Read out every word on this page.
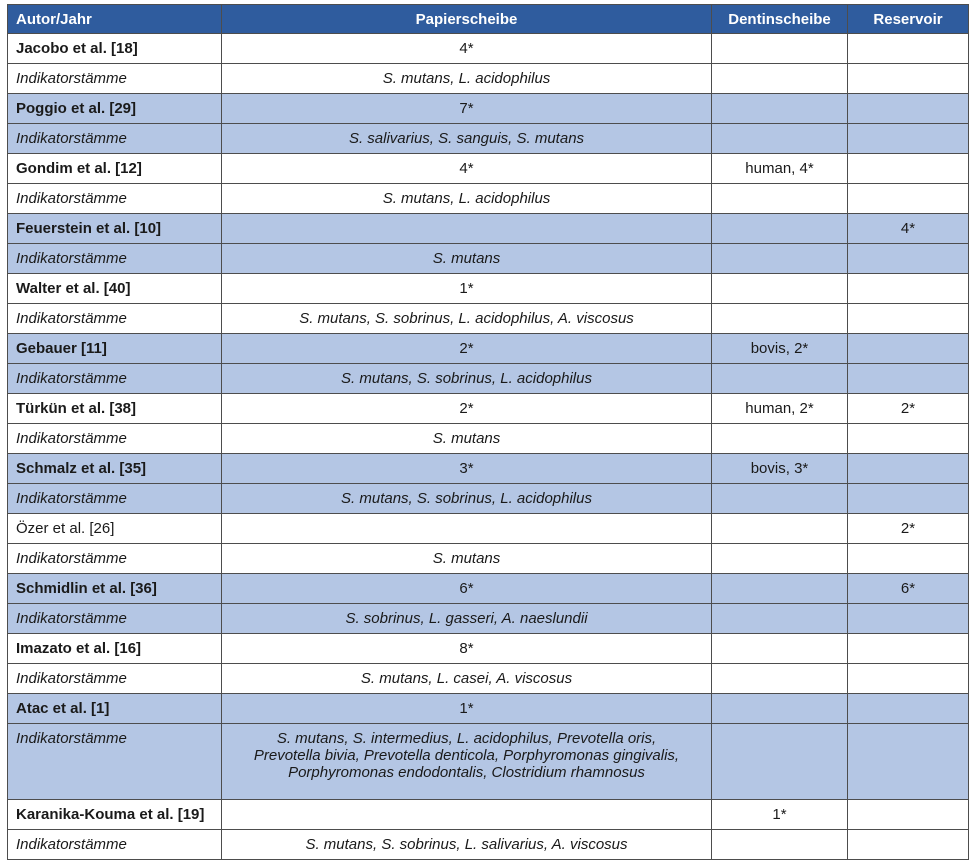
Autor/Jahr	Papierscheibe	Dentinscheibe	Reservoir
Jacobo et al. [18]	4*		
Indikatorstämme	S. mutans, L. acidophilus		
Poggio et al. [29]	7*		
Indikatorstämme	S. salivarius, S. sanguis, S. mutans		
Gondim et al. [12]	4*	human, 4*	
Indikatorstämme	S. mutans, L. acidophilus		
Feuerstein et al. [10]			4*
Indikatorstämme	S. mutans		
Walter et al. [40]	1*		
Indikatorstämme	S. mutans, S. sobrinus, L. acidophilus, A. viscosus		
Gebauer [11]	2*	bovis, 2*	
Indikatorstämme	S. mutans, S. sobrinus, L. acidophilus		
Türkün et al. [38]	2*	human, 2*	2*
Indikatorstämme	S. mutans		
Schmalz et al. [35]	3*	bovis, 3*	
Indikatorstämme	S. mutans, S. sobrinus, L. acidophilus		
Özer et al. [26]			2*
Indikatorstämme	S. mutans		
Schmidlin et al. [36]	6*		6*
Indikatorstämme	S. sobrinus, L. gasseri, A. naeslundii		
Imazato et al. [16]	8*		
Indikatorstämme	S. mutans, L. casei, A. viscosus		
Atac et al. [1]	1*		
Indikatorstämme	S. mutans, S. intermedius, L. acidophilus, Prevotella oris,
Prevotella bivia, Prevotella denticola, Porphyromonas gingivalis,
Porphyromonas endodontalis, Clostridium rhamnosus		

Karanika-Kouma et al. [19]		1*	
Indikatorstämme	S. mutans, S. sobrinus, L. salivarius, A. viscosus		
